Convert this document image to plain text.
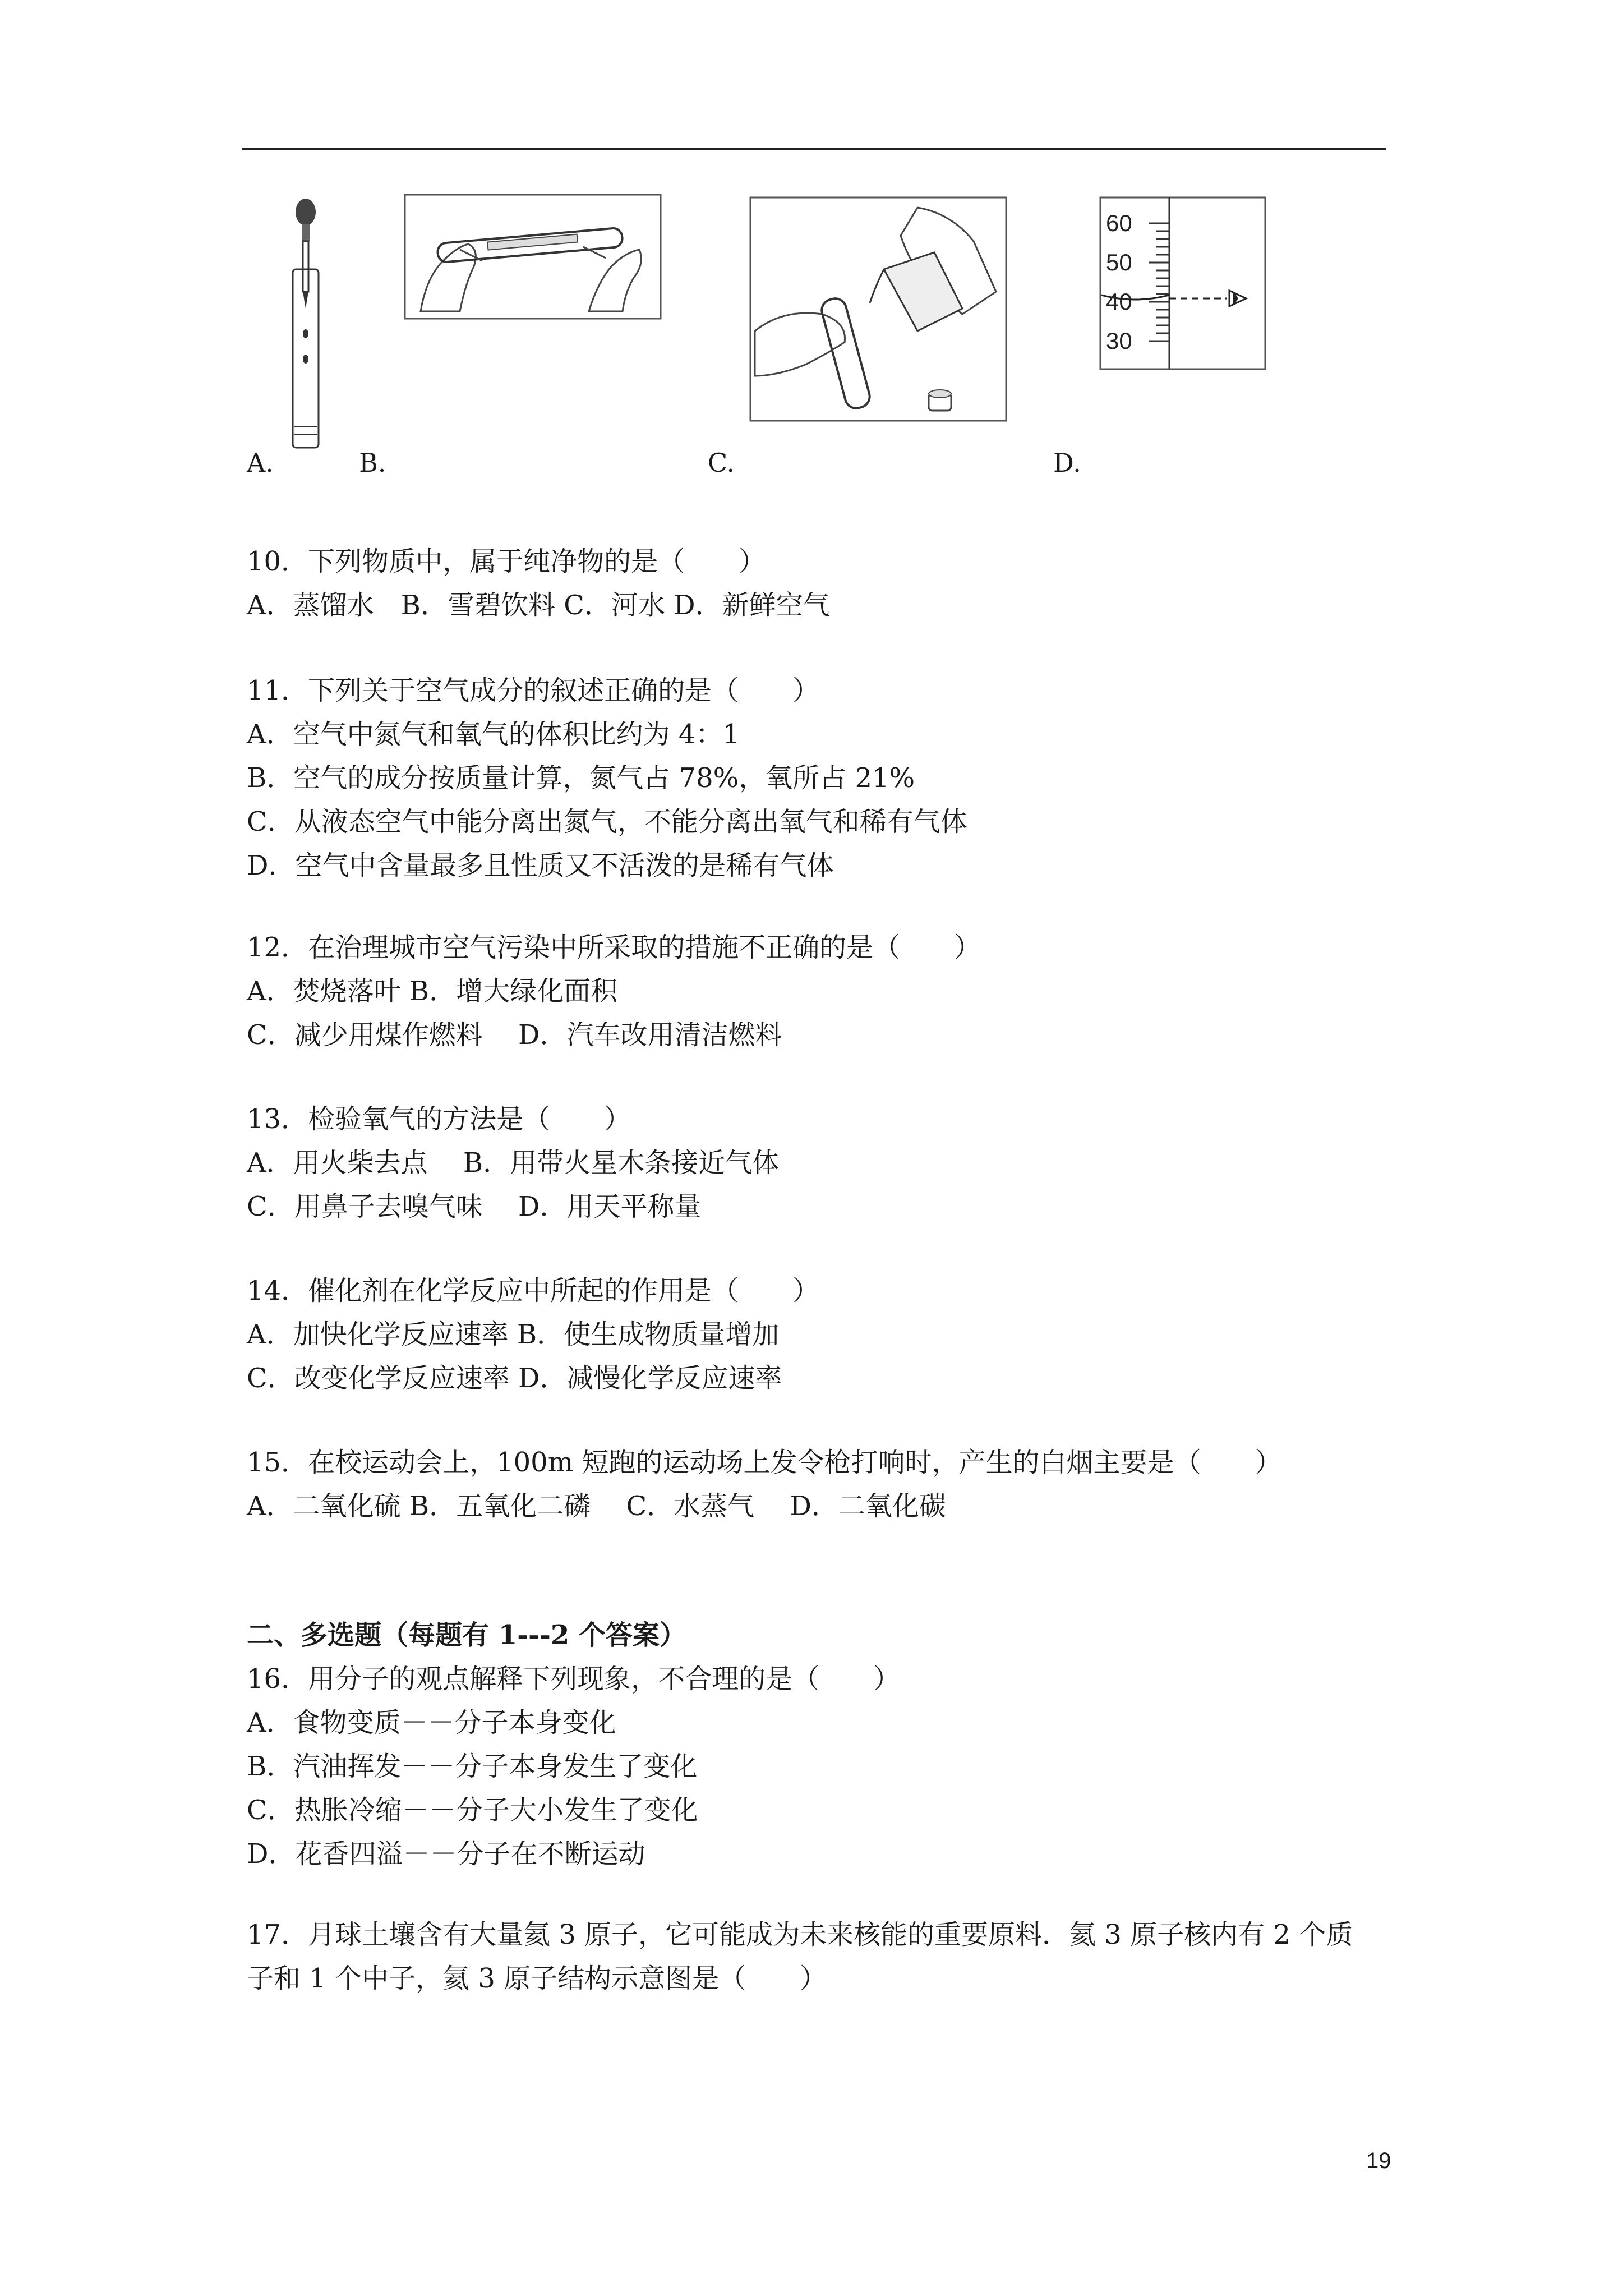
60
50
40
30
A.	B.	C.	D.
10．下列物质中，属于纯净物的是（　　）
A．蒸馏水　B．雪碧饮料 C．河水 D．新鲜空气
11．下列关于空气成分的叙述正确的是（　　）
A．空气中氮气和氧气的体积比约为 4：1
B．空气的成分按质量计算，氮气占 78%，氧所占 21%
C．从液态空气中能分离出氮气，不能分离出氧气和稀有气体
D．空气中含量最多且性质又不活泼的是稀有气体
12．在治理城市空气污染中所采取的措施不正确的是（　　）
A．焚烧落叶 B．增大绿化面积
C．减少用煤作燃料　 D．汽车改用清洁燃料
13．检验氧气的方法是（　　）
A．用火柴去点　 B．用带火星木条接近气体
C．用鼻子去嗅气味　 D．用天平称量
14．催化剂在化学反应中所起的作用是（　　）
A．加快化学反应速率 B．使生成物质量增加
C．改变化学反应速率 D．减慢化学反应速率
15．在校运动会上，100m 短跑的运动场上发令枪打响时，产生的白烟主要是（　　）
A．二氧化硫 B．五氧化二磷　 C．水蒸气　 D．二氧化碳
二、多选题（每题有 1---2 个答案）
16．用分子的观点解释下列现象，不合理的是（　　）
A．食物变质－－分子本身变化
B．汽油挥发－－分子本身发生了变化
C．热胀冷缩－－分子大小发生了变化
D．花香四溢－－分子在不断运动
17．月球土壤含有大量氦 3 原子，它可能成为未来核能的重要原料．氦 3 原子核内有 2 个质
子和 1 个中子，氦 3 原子结构示意图是（　　）
19
